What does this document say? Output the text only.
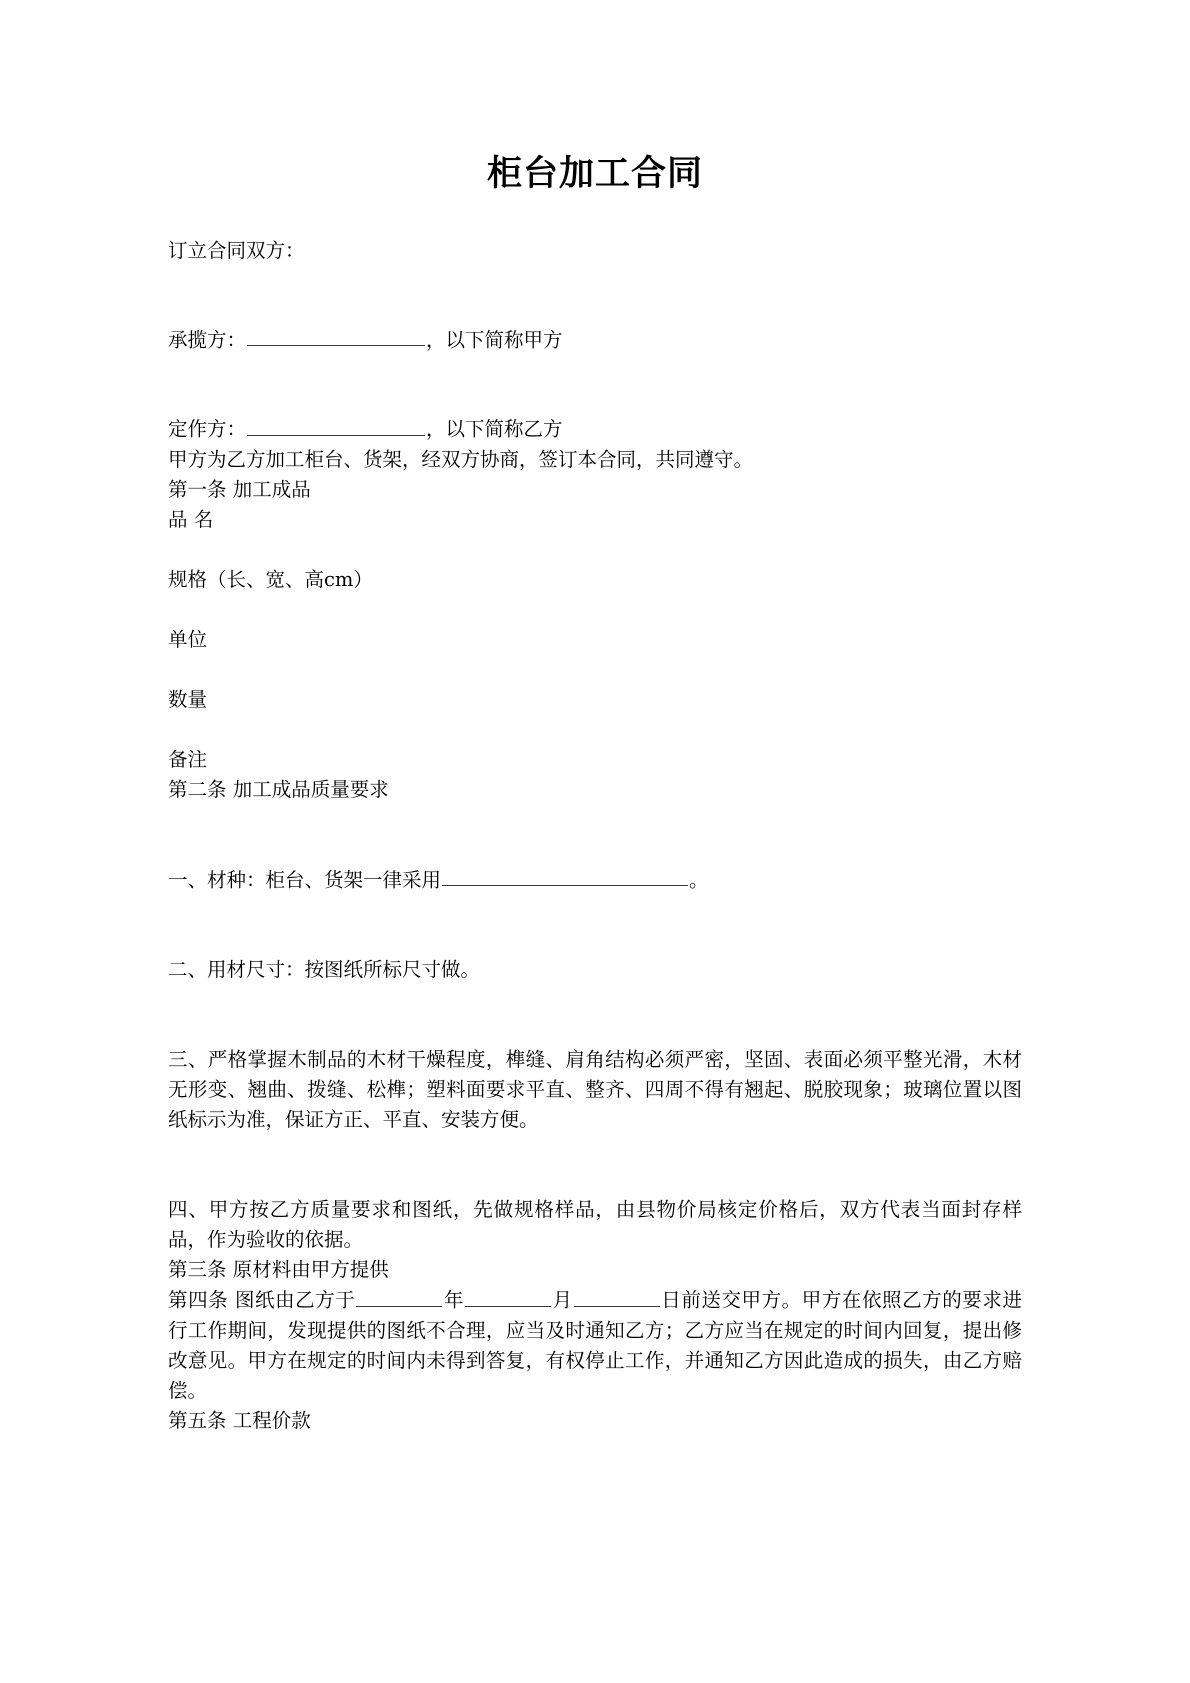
柜台加工合同

订立合同双方：

承揽方：	，以下简称甲方

定作方：	，以下简称乙方

甲方为乙方加工柜台、货架，经双方协商，签订本合同，共同遵守。

第一条 加工成品

品 名

规格（长、宽、高cm）

单位

数量

备注

第二条 加工成品质量要求

一、材种：柜台、货架一律采用	。

二、用材尺寸：按图纸所标尺寸做。

三、严格掌握木制品的木材干燥程度，榫缝、肩角结构必须严密，坚固、表面必须平整光滑，木材无形变、翘曲、拨缝、松榫；塑料面要求平直、整齐、四周不得有翘起、脱胶现象；玻璃位置以图纸标示为准，保证方正、平直、安装方便。

四、甲方按乙方质量要求和图纸，先做规格样品，由县物价局核定价格后，双方代表当面封存样品，作为验收的依据。

第三条 原材料由甲方提供

第四条 图纸由乙方于	年	月	日前送交甲方。甲方在依照乙方的要求进行工作期间，发现提供的图纸不合理，应当及时通知乙方；乙方应当在规定的时间内回复，提出修改意见。甲方在规定的时间内未得到答复，有权停止工作，并通知乙方因此造成的损失，由乙方赔偿。

第五条 工程价款
